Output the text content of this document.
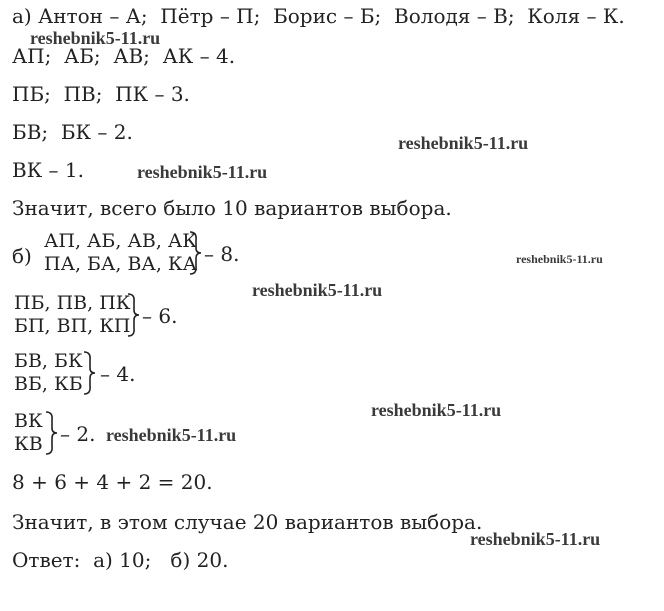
а) Антон – А;  Пётр – П;  Борис – Б;  Володя – В;  Коля – К.
АП;  АБ;  АВ;  АК – 4.
ПБ;  ПВ;  ПК – 3.
БВ;  БК – 2.
ВК – 1.
Значит, всего было 10 вариантов выбора.
б)
АП, АБ, АВ, АК
ПА, БА, ВА, КА – 8.
ПБ, ПВ, ПК
БП, ВП, КП – 6.
БВ, БК
ВБ, КБ – 4.
ВК
КВ – 2.
8 + 6 + 4 + 2 = 20.
Значит, в этом случае 20 вариантов выбора.
Ответ:  а) 10;   б) 20.
reshebnik5-11.ru
reshebnik5-11.ru
reshebnik5-11.ru
reshebnik5-11.ru
reshebnik5-11.ru
reshebnik5-11.ru
reshebnik5-11.ru
reshebnik5-11.ru
